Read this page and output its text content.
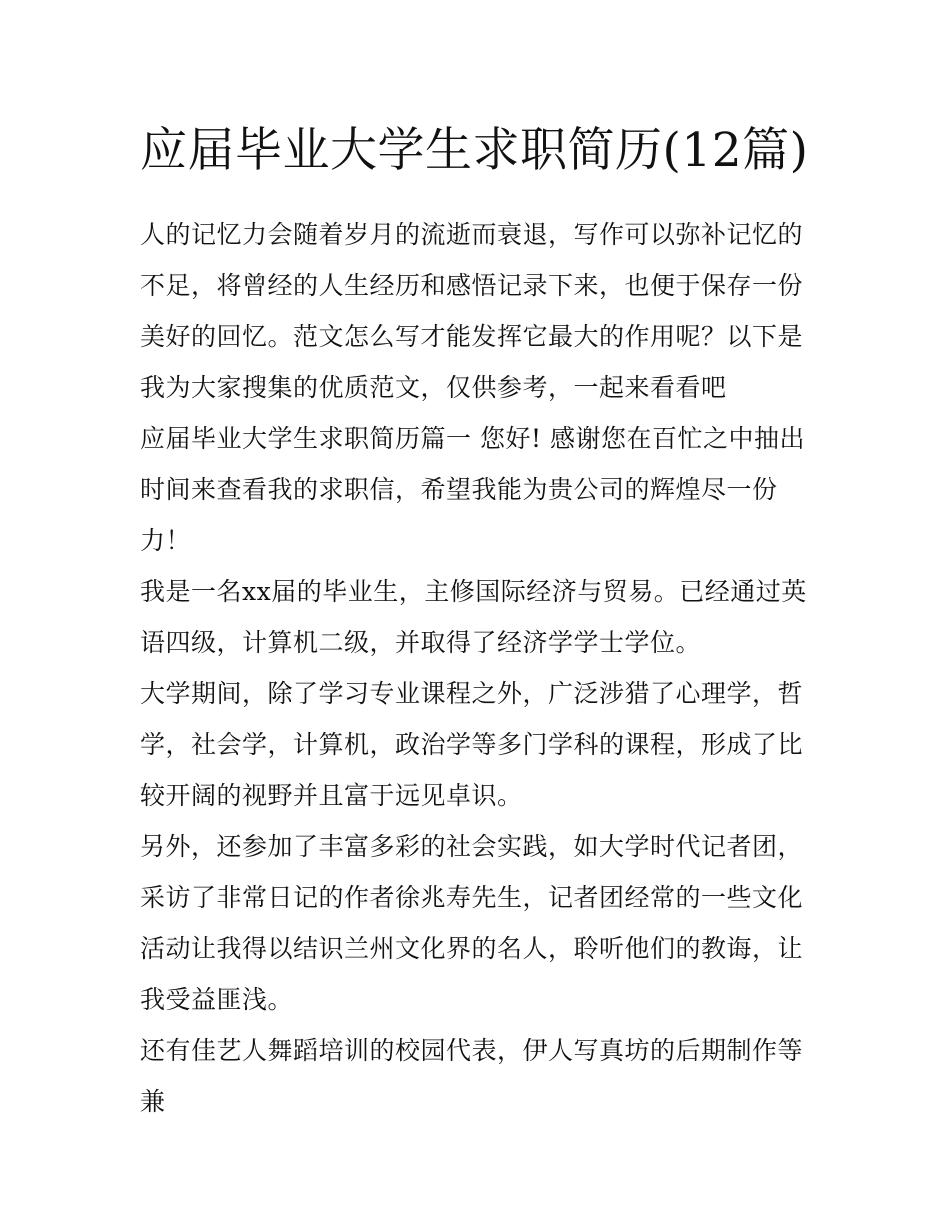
应届毕业大学生求职简历(12篇)

人的记忆力会随着岁月的流逝而衰退，写作可以弥补记忆的不足，将曾经的人生经历和感悟记录下来，也便于保存一份美好的回忆。范文怎么写才能发挥它最大的作用呢？以下是我为大家搜集的优质范文，仅供参考，一起来看看吧

应届毕业大学生求职简历篇一 您好! 感谢您在百忙之中抽出时间来查看我的求职信，希望我能为贵公司的辉煌尽一份力！

我是一名xx届的毕业生，主修国际经济与贸易。已经通过英语四级，计算机二级，并取得了经济学学士学位。

大学期间，除了学习专业课程之外，广泛涉猎了心理学，哲学，社会学，计算机，政治学等多门学科的课程，形成了比较开阔的视野并且富于远见卓识。

另外，还参加了丰富多彩的社会实践，如大学时代记者团，采访了非常日记的作者徐兆寿先生，记者团经常的一些文化活动让我得以结识兰州文化界的名人，聆听他们的教诲，让我受益匪浅。

还有佳艺人舞蹈培训的校园代表，伊人写真坊的后期制作等兼
